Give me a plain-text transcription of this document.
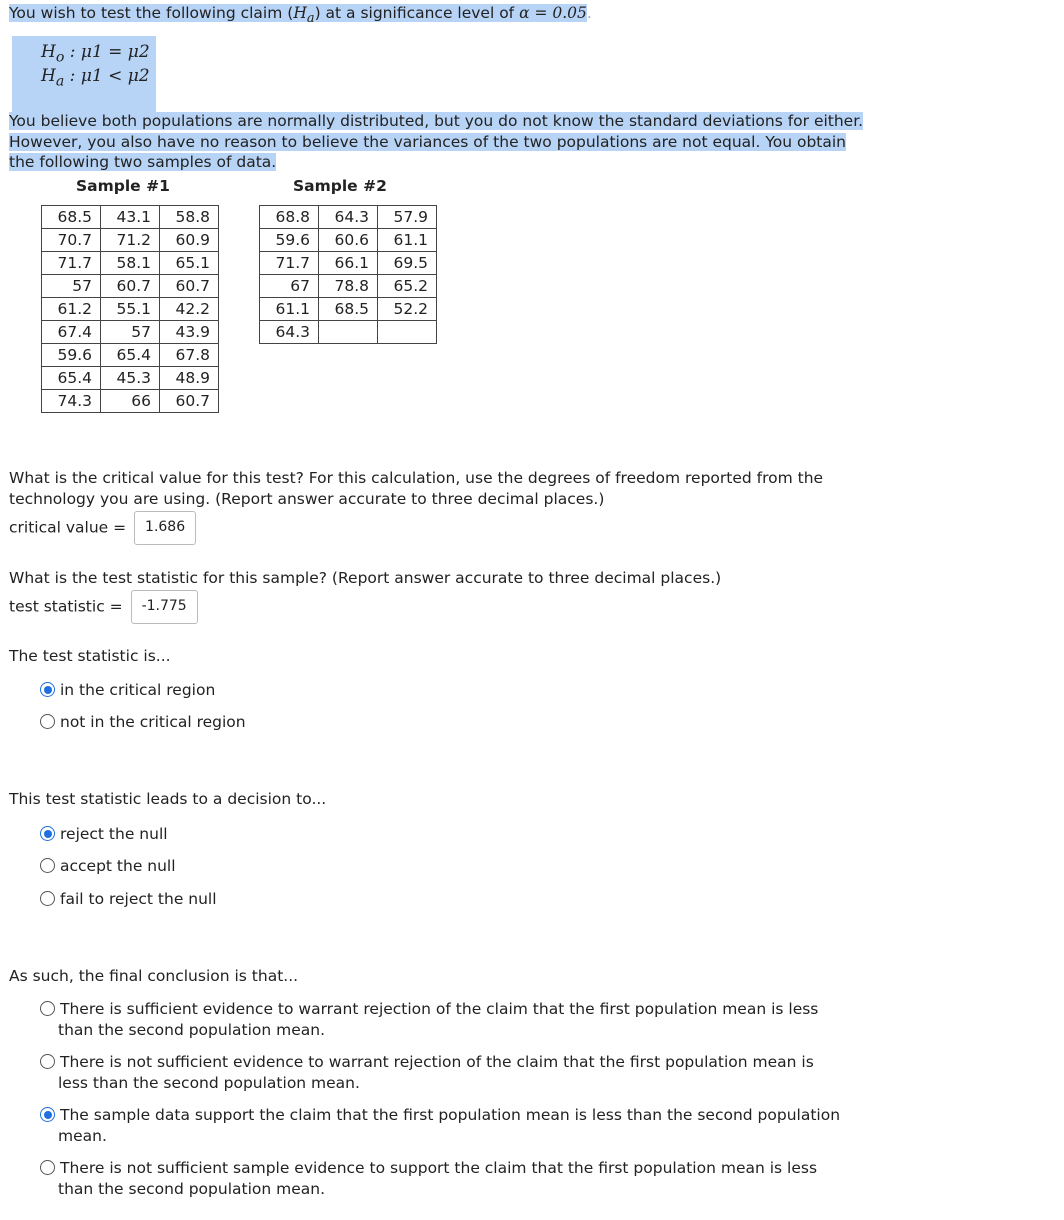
You wish to test the following claim $(H_a)$ at a significance level of α = 0.05.
$H_o$ : μ1 = μ2
$H_a$ : μ1 < μ2
You believe both populations are normally distributed, but you do not know the standard deviations for either. However, you also have no reason to believe the variances of the two populations are not equal. You obtain the following two samples of data.
Sample #1	Sample #2
68.5	43.1	58.8
70.7	71.2	60.9
71.7	58.1	65.1
57	60.7	60.7
61.2	55.1	42.2
67.4	57	43.9
59.6	65.4	67.8
65.4	45.3	48.9
74.3	66	60.7
68.8	64.3	57.9
59.6	60.6	61.1
71.7	66.1	69.5
67	78.8	65.2
61.1	68.5	52.2
64.3		
What is the critical value for this test? For this calculation, use the degrees of freedom reported from the technology you are using. (Report answer accurate to three decimal places.)
critical value = 1.686
What is the test statistic for this sample? (Report answer accurate to three decimal places.)
test statistic = -1.775
The test statistic is...
in the critical region
not in the critical region
This test statistic leads to a decision to...
reject the null
accept the null
fail to reject the null
As such, the final conclusion is that...
There is sufficient evidence to warrant rejection of the claim that the first population mean is less
than the second population mean.
There is not sufficient evidence to warrant rejection of the claim that the first population mean is
less than the second population mean.
The sample data support the claim that the first population mean is less than the second population
mean.
There is not sufficient sample evidence to support the claim that the first population mean is less
than the second population mean.
